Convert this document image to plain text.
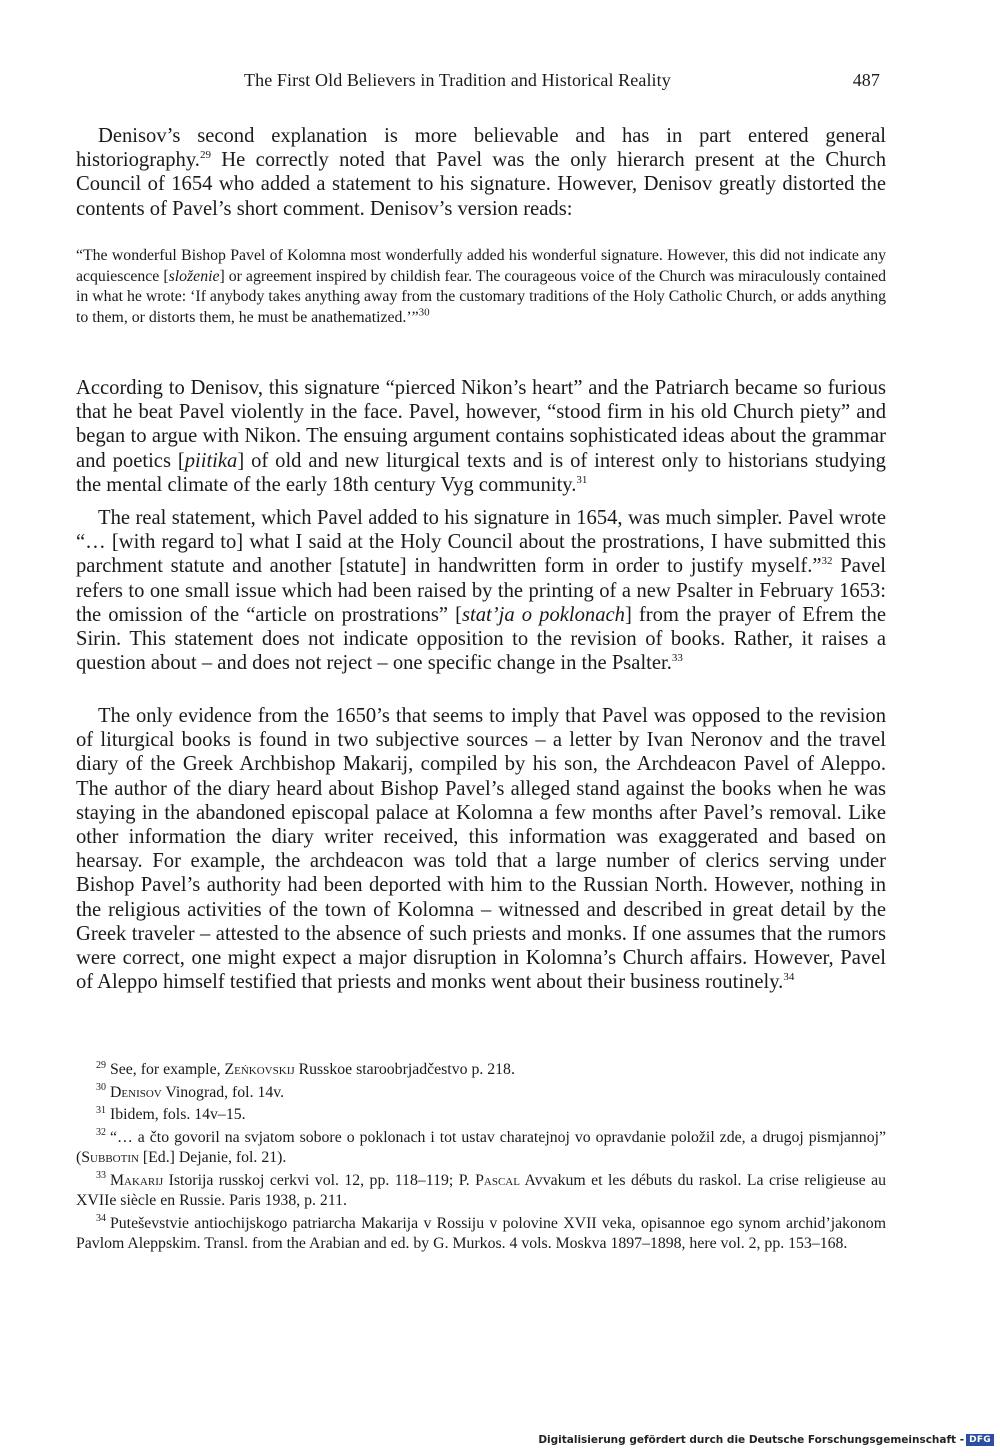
The First Old Believers in Tradition and Historical Reality	487

Denisov’s second explanation is more believable and has in part entered general historiography.$^{29}$ He correctly noted that Pavel was the only hierarch present at the Church Council of 1654 who added a statement to his signature. However, Denisov greatly distorted the contents of Pavel’s short comment. Denisov’s version reads:

“The wonderful Bishop Pavel of Kolomna most wonderfully added his wonderful signature. However, this did not indicate any acquiescence [složenie] or agreement inspired by childish fear. The courageous voice of the Church was miraculously contained in what he wrote: ‘If anybody takes anything away from the customary traditions of the Holy Catholic Church, or adds anything to them, or distorts them, he must be anathematized.’”$^{30}$

According to Denisov, this signature “pierced Nikon’s heart” and the Patriarch became so furious that he beat Pavel violently in the face. Pavel, however, “stood firm in his old Church piety” and began to argue with Nikon. The ensuing argument contains sophisticated ideas about the grammar and poetics [piitika] of old and new liturgical texts and is of interest only to historians studying the mental climate of the early 18th century Vyg community.$^{31}$

The real statement, which Pavel added to his signature in 1654, was much simpler. Pavel wrote “… [with regard to] what I said at the Holy Council about the prostrations, I have submitted this parchment statute and another [statute] in handwritten form in order to justify myself.”$^{32}$ Pavel refers to one small issue which had been raised by the printing of a new Psalter in February 1653: the omission of the “article on prostrations” [stat’ja o poklonach] from the prayer of Efrem the Sirin. This statement does not indicate opposition to the revision of books. Rather, it raises a question about – and does not reject – one specific change in the Psalter.$^{33}$

The only evidence from the 1650’s that seems to imply that Pavel was opposed to the revision of liturgical books is found in two subjective sources – a letter by Ivan Neronov and the travel diary of the Greek Archbishop Makarij, compiled by his son, the Archdeacon Pavel of Aleppo. The author of the diary heard about Bishop Pavel’s alleged stand against the books when he was staying in the abandoned episcopal palace at Kolomna a few months after Pavel’s removal. Like other information the diary writer received, this information was exaggerated and based on hearsay. For example, the archdeacon was told that a large number of clerics serving under Bishop Pavel’s authority had been deported with him to the Russian North. However, nothing in the religious activities of the town of Kolomna – witnessed and described in great detail by the Greek traveler – attested to the absence of such priests and monks. If one assumes that the rumors were correct, one might expect a major disruption in Kolomna’s Church affairs. However, Pavel of Aleppo himself testified that priests and monks went about their business routinely.$^{34}$

$^{29}$ See, for example, Zeńkovskij Russkoe staroobrjadčestvo p. 218.

$^{30}$ Denisov Vinograd, fol. 14v.

$^{31}$ Ibidem, fols. 14v–15.

$^{32}$ “… a čto govoril na svjatom sobore o poklonach i tot ustav charatejnoj vo opravdanie položil zde, a drugoj pismjannoj” (Subbotin [Ed.] Dejanie, fol. 21).

$^{33}$ Makarij Istorija russkoj cerkvi vol. 12, pp. 118–119; P. Pascal Avvakum et les débuts du raskol. La crise religieuse au XVIIe siècle en Russie. Paris 1938, p. 211.

$^{34}$ Puteševstvie antiochijskogo patriarcha Makarija v Rossiju v polovine XVII veka, opisannoe ego synom archid’jakonom Pavlom Aleppskim. Transl. from the Arabian and ed. by G. Murkos. 4 vols. Moskva 1897–1898, here vol. 2, pp. 153–168.

Digitalisierung gefördert durch die Deutsche Forschungsgemeinschaft - DFG
